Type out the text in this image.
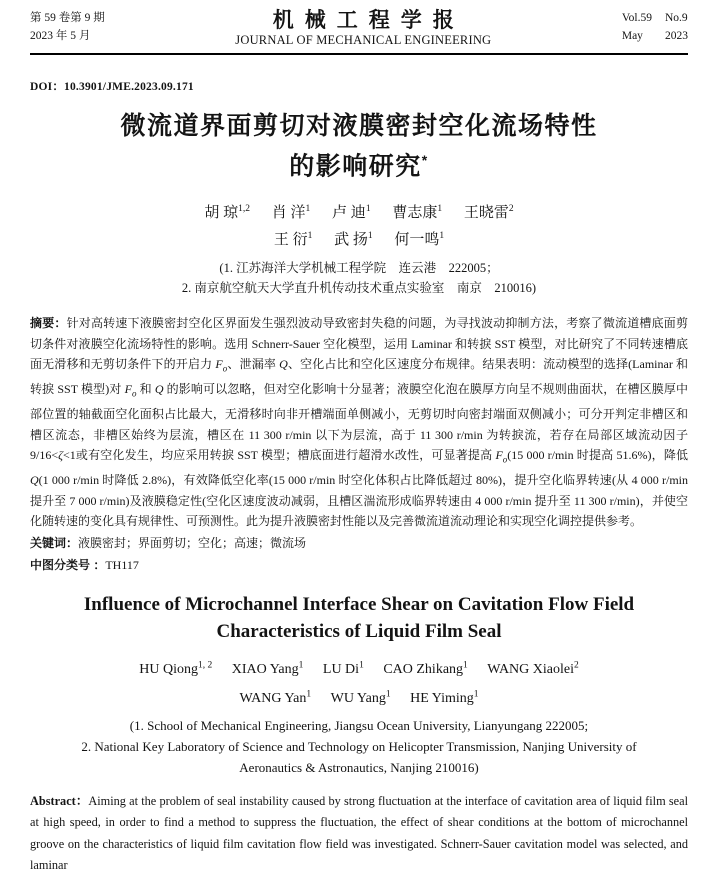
第 59 卷第 9 期
2023 年 5 月
机械工程学报
JOURNAL OF MECHANICAL ENGINEERING
Vol.59 No.9
May	2023
DOI：10.3901/JME.2023.09.171
微流道界面剪切对液膜密封空化流场特性
的影响研究*
胡 琼$^{1,2}$ 肖 洋$^1$ 卢 迪$^1$ 曹志康$^1$ 王晓雷$^2$
王 衍$^1$ 武 扬$^1$ 何一鸣$^1$
(1. 江苏海洋大学机械工程学院　连云港　222005；
2. 南京航空航天大学直升机传动技术重点实验室　南京　210016)

摘要：针对高转速下液膜密封空化区界面发生强烈波动导致密封失稳的问题，为寻找波动抑制方法，考察了微流道槽底面剪切条件对液膜空化流场特性的影响。选用 Schnerr-Sauer 空化模型，运用 Laminar 和转捩 SST 模型，对比研究了不同转速槽底面无滑移和无剪切条件下的开启力 $F_o$、泄漏率 Q、空化占比和空化区速度分布规律。结果表明：流动模型的选择(Laminar 和转捩 SST 模型)对 $F_o$ 和 Q 的影响可以忽略，但对空化影响十分显著；液膜空化泡在膜厚方向呈不规则曲面状，在槽区膜厚中部位置的轴截面空化面积占比最大，无滑移时向非开槽端面单侧减小，无剪切时向密封端面双侧减小；可分开判定非槽区和槽区流态，非槽区始终为层流，槽区在 11 300 r/min 以下为层流，高于 11 300 r/min 为转捩流，若存在局部区域流动因子 9/16<ζ<1或有空化发生，均应采用转捩 SST 模型；槽底面进行超滑水改性，可显著提高 $F_o(15$ 000 r/min 时提高 51.6%)，降低 Q(1 000 r/min 时降低 2.8%)，有效降低空化率(15 000 r/min 时空化体积占比降低超过 80%)，提升空化临界转速(从 4 000 r/min 提升至 7 000 r/min)及液膜稳定性(空化区速度波动减弱，且槽区湍流形成临界转速由 4 000 r/min 提升至 11 300 r/min)，并使空化随转速的变化具有规律性、可预测性。此为提升液膜密封性能以及完善微流道流动理论和实现空化调控提供参考。

关键词：液膜密封；界面剪切；空化；高速；微流场

中图分类号 ：TH117

Influence of Microchannel Interface Shear on Cavitation Flow Field
Characteristics of Liquid Film Seal
HU Qiong$^{1, 2}$ XIAO Yang$^1$ LU Di$^1$ CAO Zhikang$^1$ WANG Xiaolei$^2$
WANG Yan$^1$ WU Yang$^1$ HE Yiming$^1$
(1. School of Mechanical Engineering, Jiangsu Ocean University, Lianyungang 222005;
2. National Key Laboratory of Science and Technology on Helicopter Transmission, Nanjing University of
Aeronautics & Astronautics, Nanjing 210016)

Abstract：Aiming at the problem of seal instability caused by strong fluctuation at the interface of cavitation area of liquid film seal at high speed, in order to find a method to suppress the fluctuation, the effect of shear conditions at the bottom of microchannel groove on the characteristics of liquid film cavitation flow field was investigated. Schnerr-Sauer cavitation model was selected, and laminar
